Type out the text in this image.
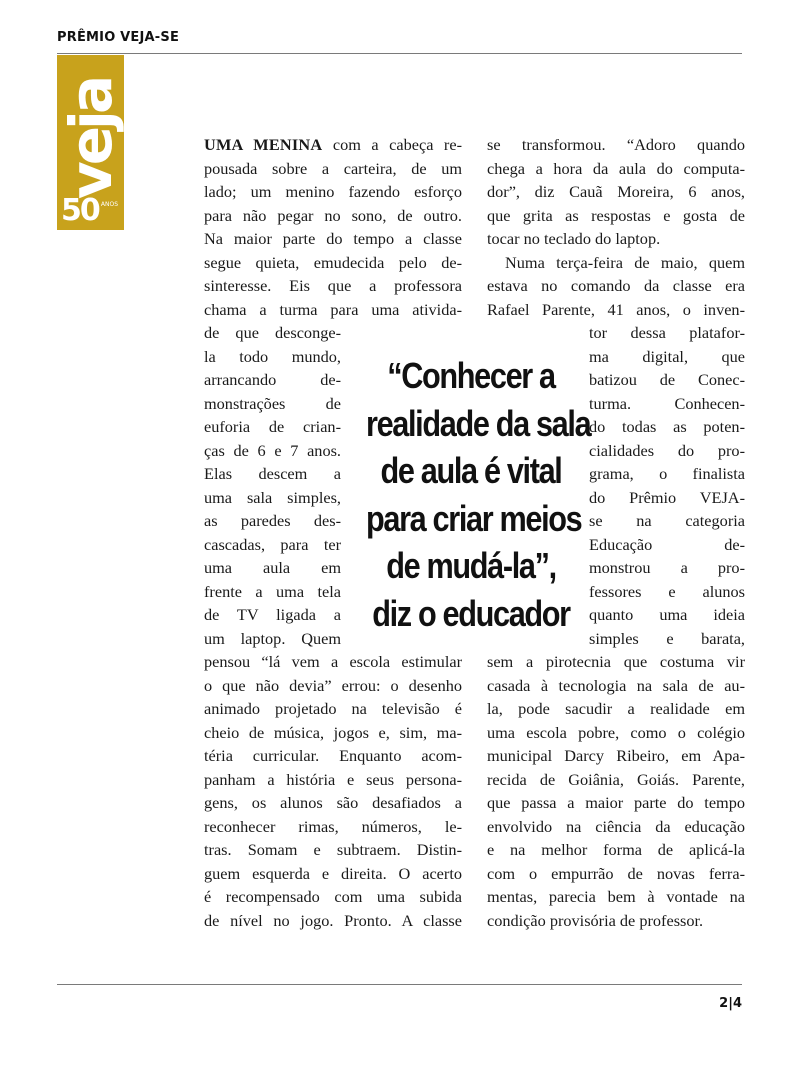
PRÊMIO VEJA-SE
veja
50 ANOS
UMA MENINA com a cabeça re-
pousada sobre a carteira, de um
lado; um menino fazendo esforço
para não pegar no sono, de outro.
Na maior parte do tempo a classe
segue quieta, emudecida pelo de-
sinteresse. Eis que a professora
chama a turma para uma ativida-
de que desconge-
la todo mundo,
arrancando de-
monstrações de
euforia de crian-
ças de 6 e 7 anos.
Elas descem a
uma sala simples,
as paredes des-
cascadas, para ter
uma aula em
frente a uma tela
de TV ligada a
um laptop. Quem
pensou “lá vem a escola estimular
o que não devia” errou: o desenho
animado projetado na televisão é
cheio de música, jogos e, sim, ma-
téria curricular. Enquanto acom-
panham a história e seus persona-
gens, os alunos são desafiados a
reconhecer rimas, números, le-
tras. Somam e subtraem. Distin-
guem esquerda e direita. O acerto
é recompensado com uma subida
de nível no jogo. Pronto. A classe
se transformou. “Adoro quando
chega a hora da aula do computa-
dor”, diz Cauã Moreira, 6 anos,
que grita as respostas e gosta de
tocar no teclado do laptop.
Numa terça-feira de maio, quem
estava no comando da classe era
Rafael Parente, 41 anos, o inven-
tor dessa platafor-
ma digital, que
batizou de Conec-
turma. Conhecen-
do todas as poten-
cialidades do pro-
grama, o finalista
do Prêmio VEJA-
se na categoria
Educação de-
monstrou a pro-
fessores e alunos
quanto uma ideia
simples e barata,
sem a pirotecnia que costuma vir
casada à tecnologia na sala de au-
la, pode sacudir a realidade em
uma escola pobre, como o colégio
municipal Darcy Ribeiro, em Apa-
recida de Goiânia, Goiás. Parente,
que passa a maior parte do tempo
envolvido na ciência da educação
e na melhor forma de aplicá-la
com o empurrão de novas ferra-
mentas, parecia bem à vontade na
condição provisória de professor.
“Conhecer a
realidade da sala
de aula é vital
para criar meios
de mudá-la”,
diz o educador
2|4
